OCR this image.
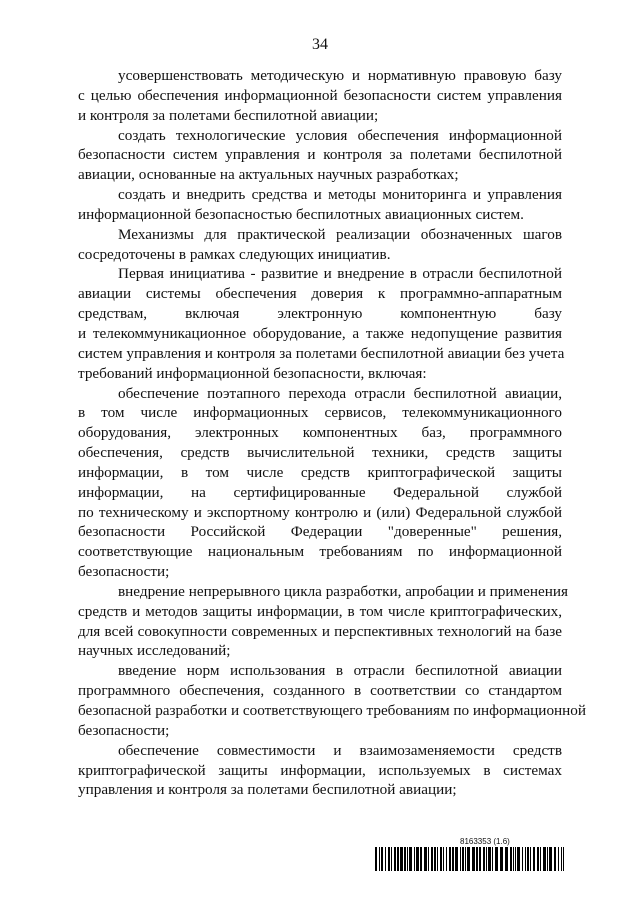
34
усовершенствовать методическую и нормативную правовую базу
с целью обеспечения информационной безопасности систем управления
и контроля за полетами беспилотной авиации;
создать технологические условия обеспечения информационной
безопасности систем управления и контроля за полетами беспилотной
авиации, основанные на актуальных научных разработках;
создать и внедрить средства и методы мониторинга и управления
информационной безопасностью беспилотных авиационных систем.
Механизмы для практической реализации обозначенных шагов
сосредоточены в рамках следующих инициатив.
Первая инициатива - развитие и внедрение в отрасли беспилотной
авиации системы обеспечения доверия к программно-аппаратным
средствам, включая электронную компонентную базу
и телекоммуникационное оборудование, а также недопущение развития
систем управления и контроля за полетами беспилотной авиации без учета
требований информационной безопасности, включая:
обеспечение поэтапного перехода отрасли беспилотной авиации,
в том числе информационных сервисов, телекоммуникационного
оборудования, электронных компонентных баз, программного
обеспечения, средств вычислительной техники, средств защиты
информации, в том числе средств криптографической защиты
информации, на сертифицированные Федеральной службой
по техническому и экспортному контролю и (или) Федеральной службой
безопасности Российской Федерации "доверенные" решения,
соответствующие национальным требованиям по информационной
безопасности;
внедрение непрерывного цикла разработки, апробации и применения
средств и методов защиты информации, в том числе криптографических,
для всей совокупности современных и перспективных технологий на базе
научных исследований;
введение норм использования в отрасли беспилотной авиации
программного обеспечения, созданного в соответствии со стандартом
безопасной разработки и соответствующего требованиям по информационной
безопасности;
обеспечение совместимости и взаимозаменяемости средств
криптографической защиты информации, используемых в системах
управления и контроля за полетами беспилотной авиации;
8163353 (1.6)
